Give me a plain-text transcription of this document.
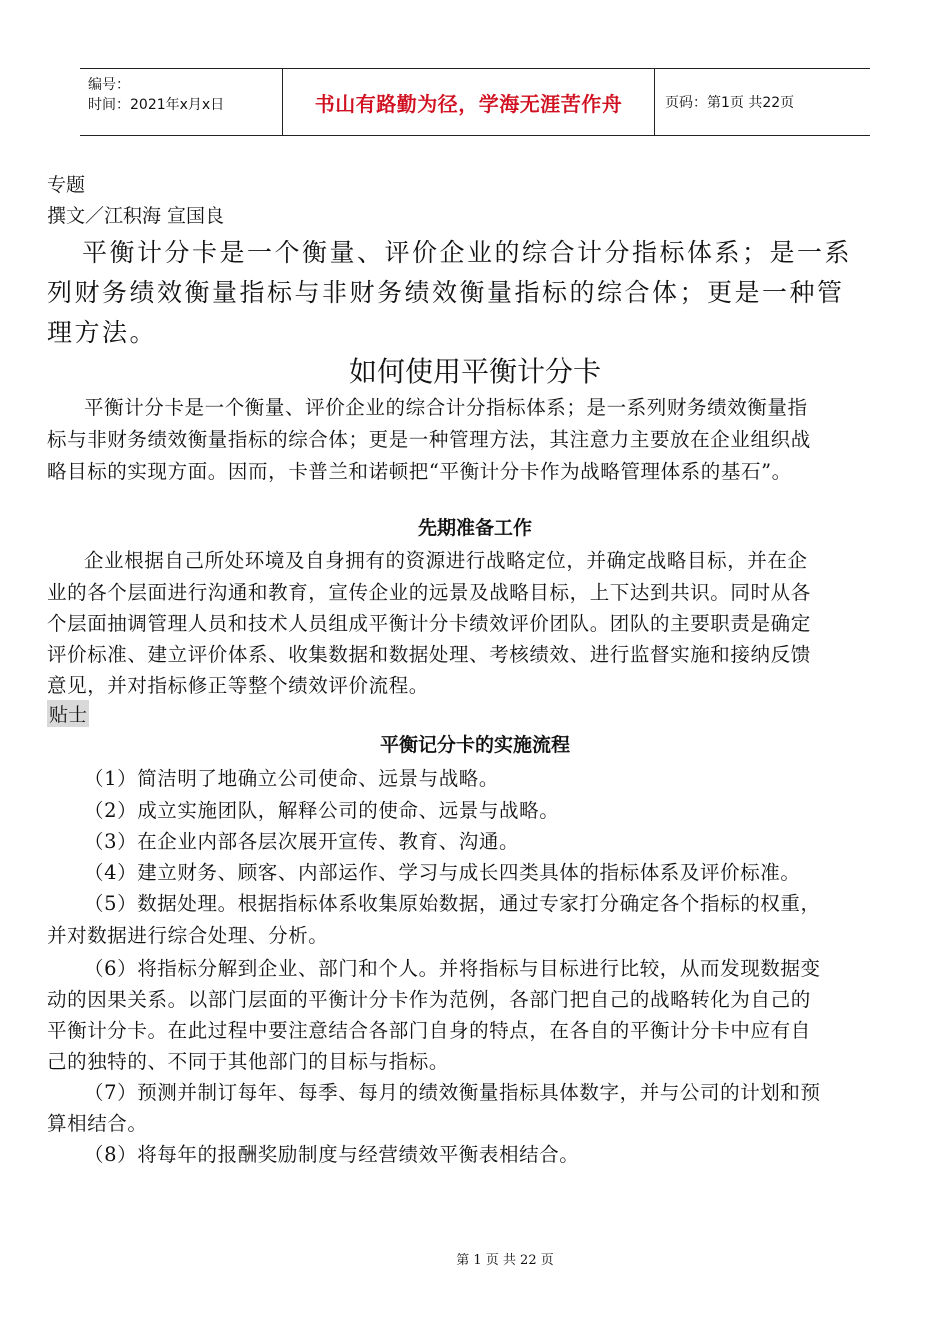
编号：
时间：2021年x月x日	书山有路勤为径，学海无涯苦作舟	页码：第1页 共22页
专题
撰文／江积海 宣国良
平衡计分卡是一个衡量、评价企业的综合计分指标体系；是一系
列财务绩效衡量指标与非财务绩效衡量指标的综合体；更是一种管
理方法。
如何使用平衡计分卡
平衡计分卡是一个衡量、评价企业的综合计分指标体系；是一系列财务绩效衡量指
标与非财务绩效衡量指标的综合体；更是一种管理方法，其注意力主要放在企业组织战
略目标的实现方面。因而，卡普兰和诺顿把“平衡计分卡作为战略管理体系的基石”。
先期准备工作
企业根据自己所处环境及自身拥有的资源进行战略定位，并确定战略目标，并在企
业的各个层面进行沟通和教育，宣传企业的远景及战略目标，上下达到共识。同时从各
个层面抽调管理人员和技术人员组成平衡计分卡绩效评价团队。团队的主要职责是确定
评价标准、建立评价体系、收集数据和数据处理、考核绩效、进行监督实施和接纳反馈
意见，并对指标修正等整个绩效评价流程。
贴士
平衡记分卡的实施流程
（1）简洁明了地确立公司使命、远景与战略。
（2）成立实施团队，解释公司的使命、远景与战略。
（3）在企业内部各层次展开宣传、教育、沟通。
（4）建立财务、顾客、内部运作、学习与成长四类具体的指标体系及评价标准。
（5）数据处理。根据指标体系收集原始数据，通过专家打分确定各个指标的权重，
并对数据进行综合处理、分析。
（6）将指标分解到企业、部门和个人。并将指标与目标进行比较，从而发现数据变
动的因果关系。以部门层面的平衡计分卡作为范例，各部门把自己的战略转化为自己的
平衡计分卡。在此过程中要注意结合各部门自身的特点，在各自的平衡计分卡中应有自
己的独特的、不同于其他部门的目标与指标。
（7）预测并制订每年、每季、每月的绩效衡量指标具体数字，并与公司的计划和预
算相结合。
（8）将每年的报酬奖励制度与经营绩效平衡表相结合。
第 1 页 共 22 页
